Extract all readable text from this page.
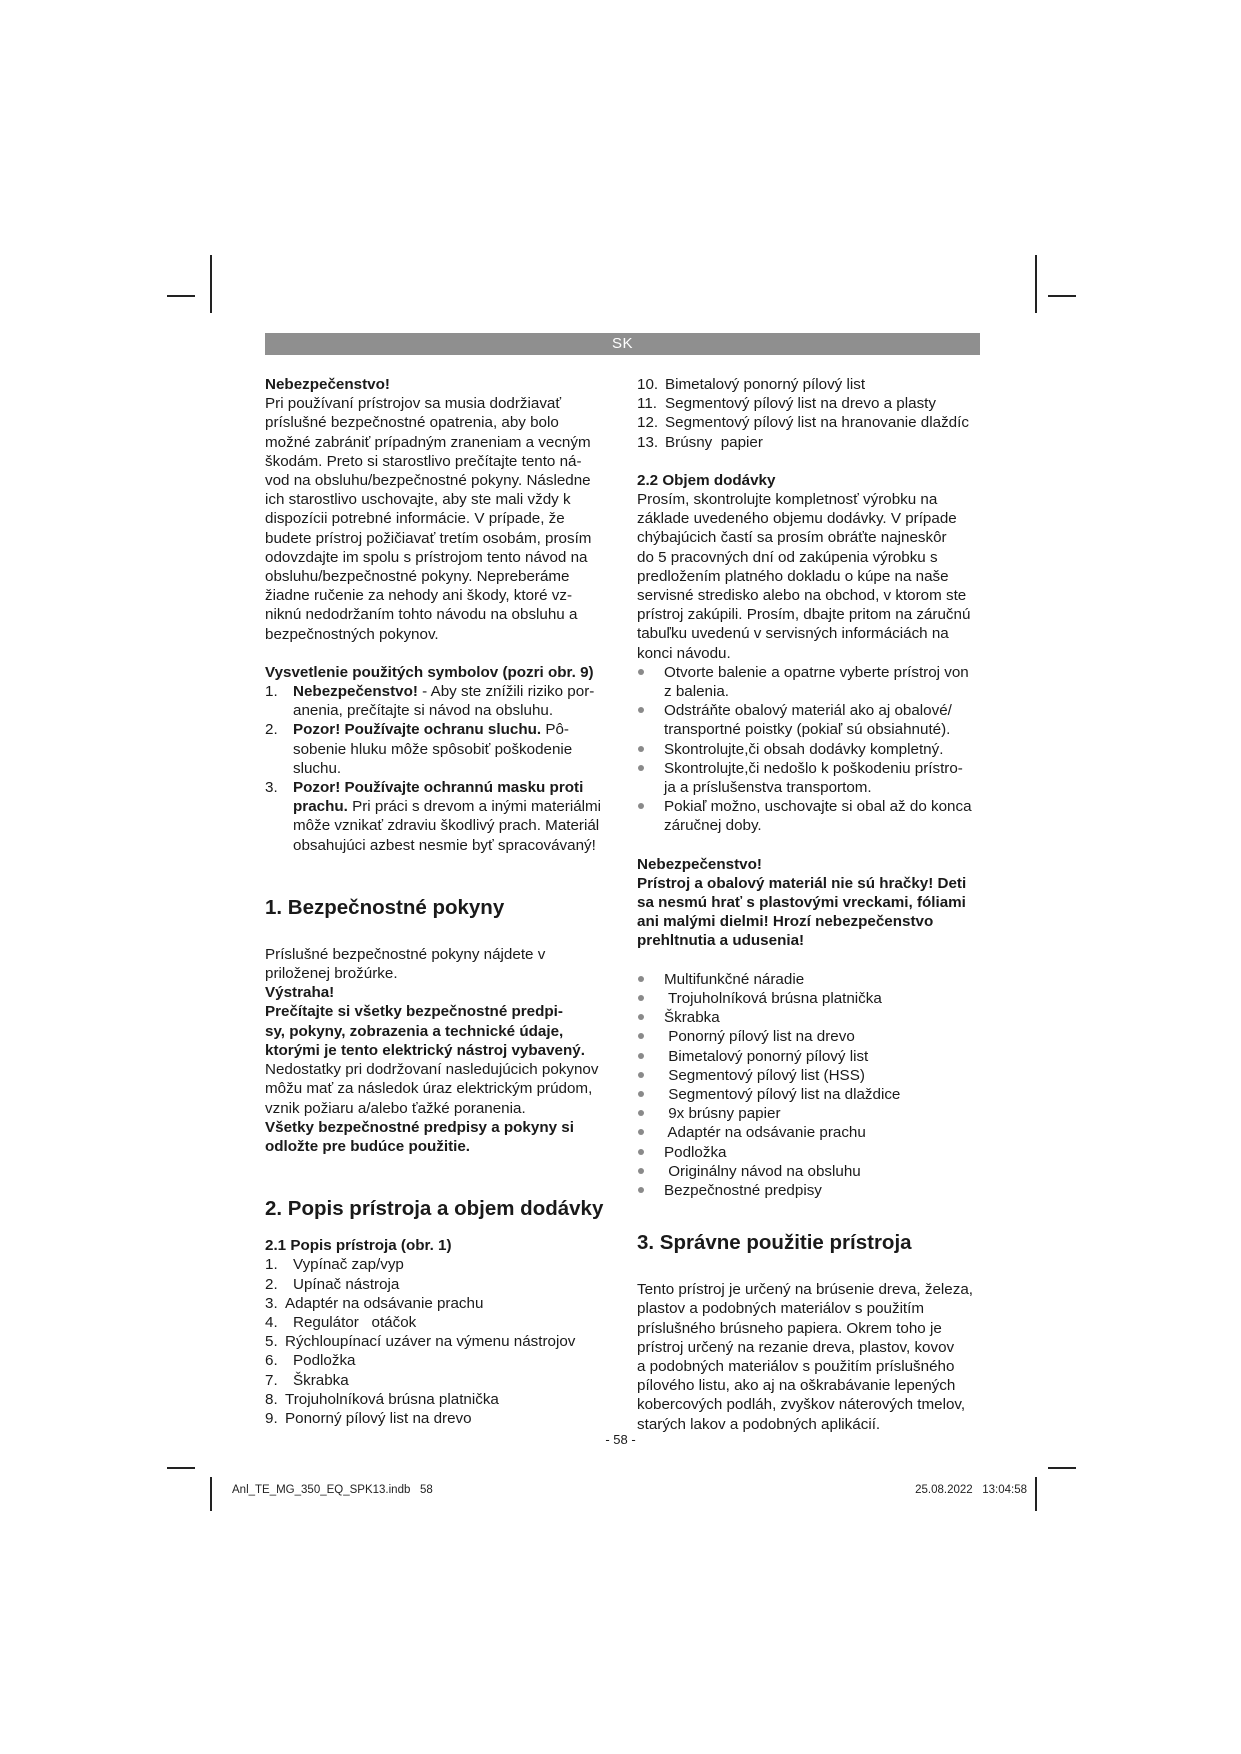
SK

Nebezpečenstvo!

Pri používaní prístrojov sa musia dodržiavať

príslušné bezpečnostné opatrenia, aby bolo

možné zabrániť prípadným zraneniam a vecným

škodám. Preto si starostlivo prečítajte tento ná-

vod na obsluhu/bezpečnostné pokyny. Následne

ich starostlivo uschovajte, aby ste mali vždy k

dispozícii potrebné informácie. V prípade, že

budete prístroj požičiavať tretím osobám, prosím

odovzdajte im spolu s prístrojom tento návod na

obsluhu/bezpečnostné pokyny. Nepreberáme

žiadne ručenie za nehody ani škody, ktoré vz-

niknú nedodržaním tohto návodu na obsluhu a

bezpečnostných pokynov.

Vysvetlenie použitých symbolov (pozri obr. 9)

1. Nebezpečenstvo! - Aby ste znížili riziko por-
anenia, prečítajte si návod na obsluhu.
2. Pozor! Používajte ochranu sluchu. Pô-
sobenie hluku môže spôsobiť poškodenie sluchu.
3. Pozor! Používajte ochrannú masku proti prachu. Pri práci s drevom a inými materiálmi
môže vznikať zdraviu škodlivý prach. Materiál obsahujúci azbest nesmie byť spracovávaný!
1. Bezpečnostné pokyny

Príslušné bezpečnostné pokyny nájdete v

priloženej brožúrke.

Výstraha!

Prečítajte si všetky bezpečnostné predpi-

sy, pokyny, zobrazenia a technické údaje,

ktorými je tento elektrický nástroj vybavený.

Nedostatky pri dodržovaní nasledujúcich pokynov

môžu mať za následok úraz elektrickým prúdom,

vznik požiaru a/alebo ťažké poranenia.

Všetky bezpečnostné predpisy a pokyny si

odložte pre budúce použitie.

2. Popis prístroja a objem dodávky
2.1 Popis prístroja (obr. 1)
1.	Vypínač zap/vyp
2.	Upínač nástroja
3. Adaptér na odsávanie prachu
4.	Regulátor   otáčok
5. Rýchloupínací uzáver na výmenu nástrojov
6.	Podložka
7.	Škrabka
8. Trojuholníková brúsna platnička
9. Ponorný pílový list na drevo
10. Bimetalový ponorný pílový list
11. Segmentový pílový list na drevo a plasty
12. Segmentový pílový list na hranovanie dlaždíc
13. Brúsny  papier
2.2 Objem dodávky

Prosím, skontrolujte kompletnosť výrobku na

základe uvedeného objemu dodávky. V prípade

chýbajúcich častí sa prosím obráťte najneskôr

do 5 pracovných dní od zakúpenia výrobku s

predložením platného dokladu o kúpe na naše

servisné stredisko alebo na obchod, v ktorom ste

prístroj zakúpili. Prosím, dbajte pritom na záručnú

tabuľku uvedenú v servisných informáciách na

konci návodu.

Otvorte balenie a opatrne vyberte prístroj von

z balenia.

Odstráňte obalový materiál ako aj obalové/

transportné poistky (pokiaľ sú obsiahnuté).

Skontrolujte,či obsah dodávky kompletný.

Skontrolujte,či nedošlo k poškodeniu prístro-

ja a príslušenstva transportom.

Pokiaľ možno, uschovajte si obal až do konca

záručnej doby.

Nebezpečenstvo!

Prístroj a obalový materiál nie sú hračky! Deti

sa nesmú hrať s plastovými vreckami, fóliami

ani malými dielmi! Hrozí nebezpečenstvo

prehltnutia a udusenia!

Multifunkčné náradie
Trojuholníková brúsna platnička
Škrabka
Ponorný pílový list na drevo
Bimetalový ponorný pílový list
Segmentový pílový list (HSS)
Segmentový pílový list na dlaždice
9x brúsny papier
Adaptér na odsávanie prachu
Podložka
Originálny návod na obsluhu
Bezpečnostné predpisy
3. Správne použitie prístroja

Tento prístroj je určený na brúsenie dreva, železa,

plastov a podobných materiálov s použitím

príslušného brúsneho papiera. Okrem toho je

prístroj určený na rezanie dreva, plastov, kovov

a podobných materiálov s použitím príslušného

pílového listu, ako aj na oškrabávanie lepených

kobercových podláh, zvyškov náterových tmelov,

starých lakov a podobných aplikácií.

- 58 -
Anl_TE_MG_350_EQ_SPK13.indb   58	25.08.2022   13:04:58
